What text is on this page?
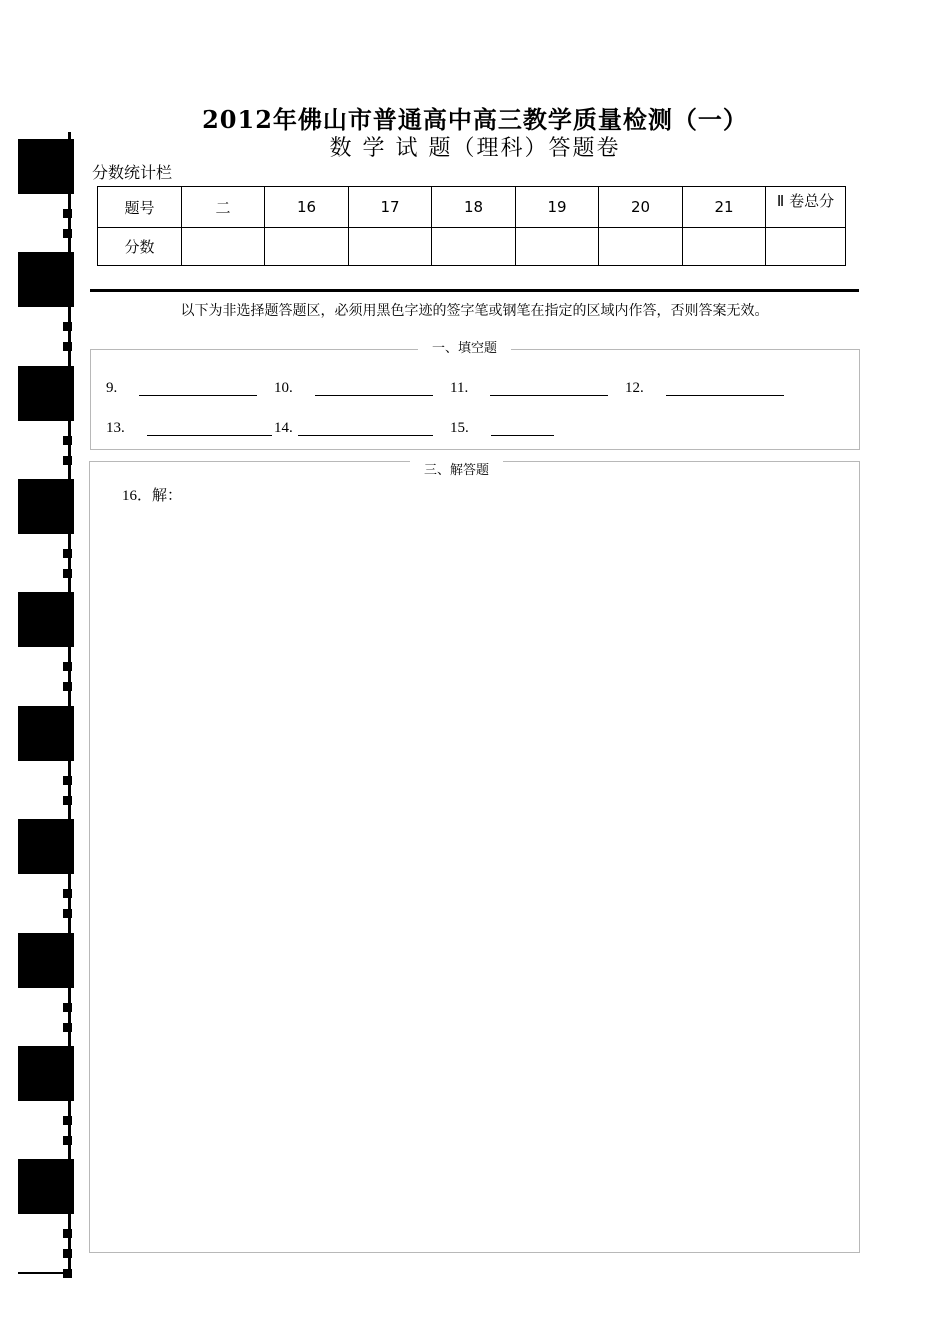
2012年佛山市普通高中高三教学质量检测（一）
数 学 试 题（理科）答题卷
分数统计栏
题号	二	16	17	18	19	20	21	Ⅱ 卷总分
分数								
以下为非选择题答题区，必须用黑色字迹的签字笔或钢笔在指定的区域内作答，否则答案无效。
一、填空题
9.	10.	11.	12.
13.	14.	15.
三、解答题
16．解：
